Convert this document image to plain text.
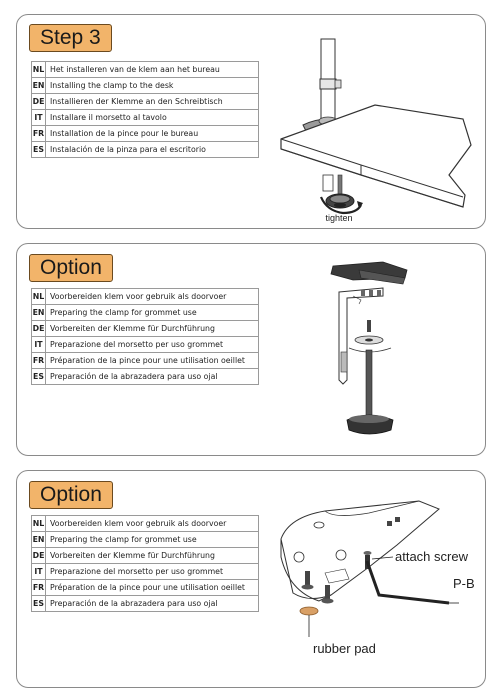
Step 3
NL	Het installeren van de klem aan het bureau
EN	Installing the clamp to the desk
DE	Installieren der Klemme an den Schreibtisch
IT	Installare il morsetto al tavolo
FR	Installation de la pince pour le bureau
ES	Instalación de la pinza para el escritorio
tighten
Option
NL	Voorbereiden klem voor gebruik als doorvoer
EN	Preparing the clamp for grommet use
DE	Vorbereiten der Klemme für Durchführung
IT	Preparazione del morsetto per uso grommet
FR	Préparation de la pince pour une utilisation oeillet
ES	Preparación de la abrazadera para uso ojal
Option
NL	Voorbereiden klem voor gebruik als doorvoer
EN	Preparing the clamp for grommet use
DE	Vorbereiten der Klemme für Durchführung
IT	Preparazione del morsetto per uso grommet
FR	Préparation de la pince pour une utilisation oeillet
ES	Preparación de la abrazadera para uso ojal
attach screw
P-B
rubber pad
